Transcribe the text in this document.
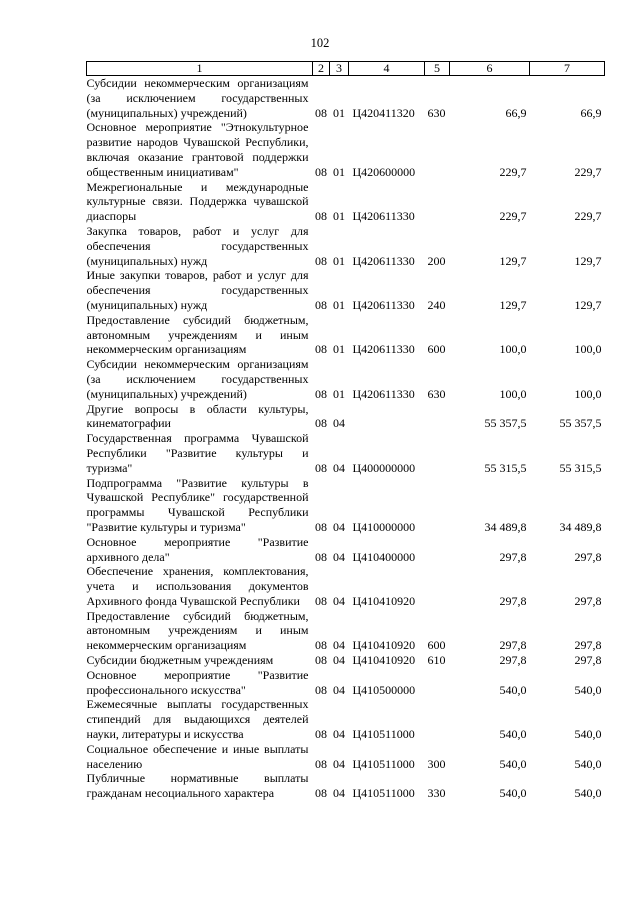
102
1	2	3	4	5	6	7
Субсидии некоммерческим организациям (за исключением государственных (муниципальных) учреждений)	08	01	Ц420411320	630	66,9	66,9
Основное мероприятие "Этнокультурное развитие народов Чувашской Республики, включая оказание грантовой поддержки общественным инициативам"	08	01	Ц420600000		229,7	229,7
Межрегиональные и международные культурные связи. Поддержка чувашской диаспоры	08	01	Ц420611330		229,7	229,7
Закупка товаров, работ и услуг для обеспечения государственных (муниципальных) нужд	08	01	Ц420611330	200	129,7	129,7
Иные закупки товаров, работ и услуг для обеспечения государственных (муниципальных) нужд	08	01	Ц420611330	240	129,7	129,7
Предоставление субсидий бюджетным, автономным учреждениям и иным некоммерческим организациям	08	01	Ц420611330	600	100,0	100,0
Субсидии некоммерческим организациям (за исключением государственных (муниципальных) учреждений)	08	01	Ц420611330	630	100,0	100,0
Другие вопросы в области культуры, кинематографии	08	04			55 357,5	55 357,5
Государственная программа Чувашской Республики "Развитие культуры и туризма"	08	04	Ц400000000		55 315,5	55 315,5
Подпрограмма "Развитие культуры в Чувашской Республике" государственной программы Чувашской Республики "Развитие культуры и туризма"	08	04	Ц410000000		34 489,8	34 489,8
Основное мероприятие "Развитие архивного дела"	08	04	Ц410400000		297,8	297,8
Обеспечение хранения, комплектования, учета и использования документов Архивного фонда Чувашской Республики	08	04	Ц410410920		297,8	297,8
Предоставление субсидий бюджетным, автономным учреждениям и иным некоммерческим организациям	08	04	Ц410410920	600	297,8	297,8
Субсидии бюджетным учреждениям	08	04	Ц410410920	610	297,8	297,8
Основное мероприятие "Развитие профессионального искусства"	08	04	Ц410500000		540,0	540,0
Ежемесячные выплаты государственных стипендий для выдающихся деятелей науки, литературы и искусства	08	04	Ц410511000		540,0	540,0
Социальное обеспечение и иные выплаты населению	08	04	Ц410511000	300	540,0	540,0
Публичные нормативные выплаты гражданам несоциального характера	08	04	Ц410511000	330	540,0	540,0
